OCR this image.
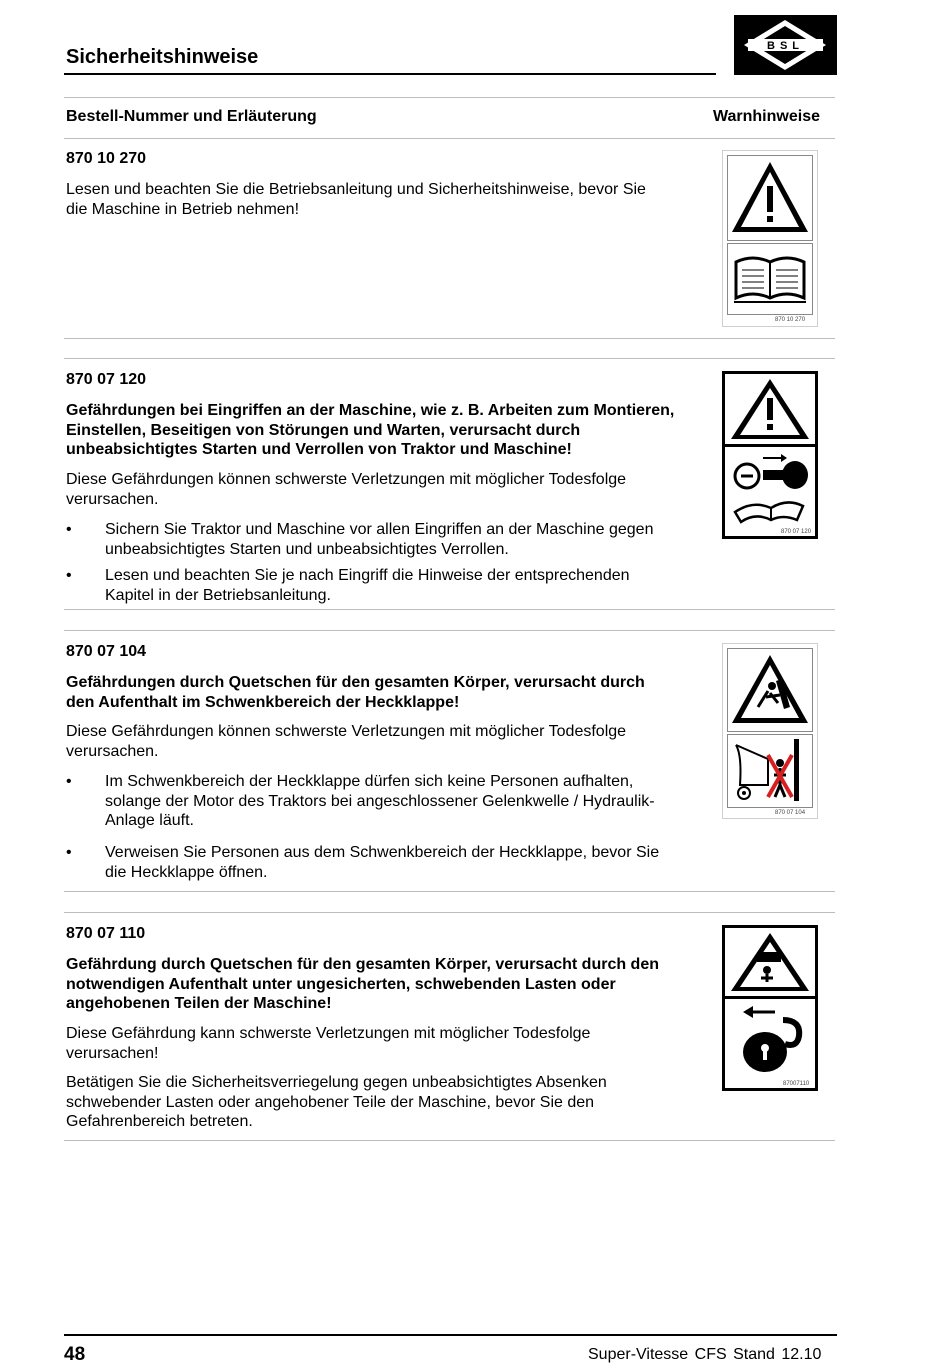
Sicherheitshinweise	BSL
Bestell-Nummer und Erläuterung	Warnhinweise
870 10 270
Lesen und beachten Sie die Betriebsanleitung und Sicherheitshinweise, bevor Sie die Maschine in Betrieb nehmen!
870 10 270
870 07 120
Gefährdungen bei Eingriffen an der Maschine, wie z. B. Arbeiten zum Montieren, Einstellen, Beseitigen von Störungen und Warten, verursacht durch unbeabsichtigtes Starten und Verrollen von Traktor und Maschine!
Diese Gefährdungen können schwerste Verletzungen mit möglicher Todesfolge verursachen.
• Sichern Sie Traktor und Maschine vor allen Eingriffen an der Maschine gegen unbeabsichtigtes Starten und unbeabsichtigtes Verrollen.
• Lesen und beachten Sie je nach Eingriff die Hinweise der entsprechenden Kapitel in der Betriebsanleitung.
870 07 120
870 07 104
Gefährdungen durch Quetschen für den gesamten Körper, verursacht durch den Aufenthalt im Schwenkbereich der Heckklappe!
Diese Gefährdungen können schwerste Verletzungen mit möglicher Todesfolge verursachen.
• Im Schwenkbereich der Heckklappe dürfen sich keine Personen aufhalten, solange der Motor des Traktors bei angeschlossener Gelenkwelle / Hydraulik-Anlage läuft.
• Verweisen Sie Personen aus dem Schwenkbereich der Heckklappe, bevor Sie die Heckklappe öffnen.
870 07 104
870 07 110
Gefährdung durch Quetschen für den gesamten Körper, verursacht durch den notwendigen Aufenthalt unter ungesicherten, schwebenden Lasten oder angehobenen Teilen der Maschine!
Diese Gefährdung kann schwerste Verletzungen mit möglicher Todesfolge verursachen!
Betätigen Sie die Sicherheitsverriegelung gegen unbeabsichtigtes Absenken schwebender Lasten oder angehobener Teile der Maschine, bevor Sie den Gefahrenbereich betreten.
87007110
48	Super-Vitesse CFS Stand 12.10
